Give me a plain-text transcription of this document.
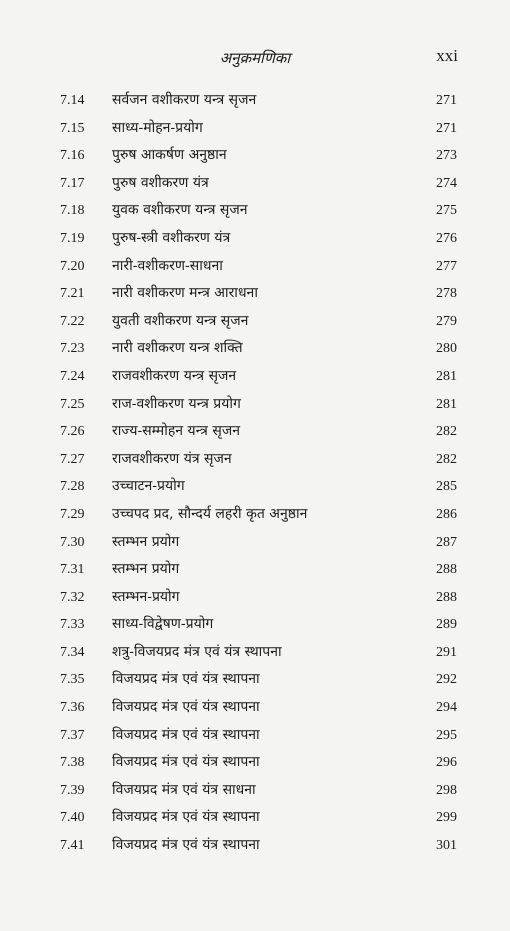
अनुक्रमणिका	xxi
7.14 सर्वजन वशीकरण यन्त्र सृजन	271
7.15 साध्य-मोहन-प्रयोग	271
7.16 पुरुष आकर्षण अनुष्ठान	273
7.17 पुरुष वशीकरण यंत्र	274
7.18 युवक वशीकरण यन्त्र सृजन	275
7.19 पुरुष-स्त्री वशीकरण यंत्र	276
7.20 नारी-वशीकरण-साधना	277
7.21 नारी वशीकरण मन्त्र आराधना	278
7.22 युवती वशीकरण यन्त्र सृजन	279
7.23 नारी वशीकरण यन्त्र शक्ति	280
7.24 राजवशीकरण यन्त्र सृजन	281
7.25 राज-वशीकरण यन्त्र प्रयोग	281
7.26 राज्य-सम्मोहन यन्त्र सृजन	282
7.27 राजवशीकरण यंत्र सृजन	282
7.28 उच्चाटन-प्रयोग	285
7.29 उच्चपद प्रद, सौन्दर्य लहरी कृत अनुष्ठान	286
7.30 स्तम्भन प्रयोग	287
7.31 स्तम्भन प्रयोग	288
7.32 स्तम्भन-प्रयोग	288
7.33 साध्य-विद्वेषण-प्रयोग	289
7.34 शत्रु-विजयप्रद मंत्र एवं यंत्र स्थापना	291
7.35 विजयप्रद मंत्र एवं यंत्र स्थापना	292
7.36 विजयप्रद मंत्र एवं यंत्र स्थापना	294
7.37 विजयप्रद मंत्र एवं यंत्र स्थापना	295
7.38 विजयप्रद मंत्र एवं यंत्र स्थापना	296
7.39 विजयप्रद मंत्र एवं यंत्र साधना	298
7.40 विजयप्रद मंत्र एवं यंत्र स्थापना	299
7.41 विजयप्रद मंत्र एवं यंत्र स्थापना	301
